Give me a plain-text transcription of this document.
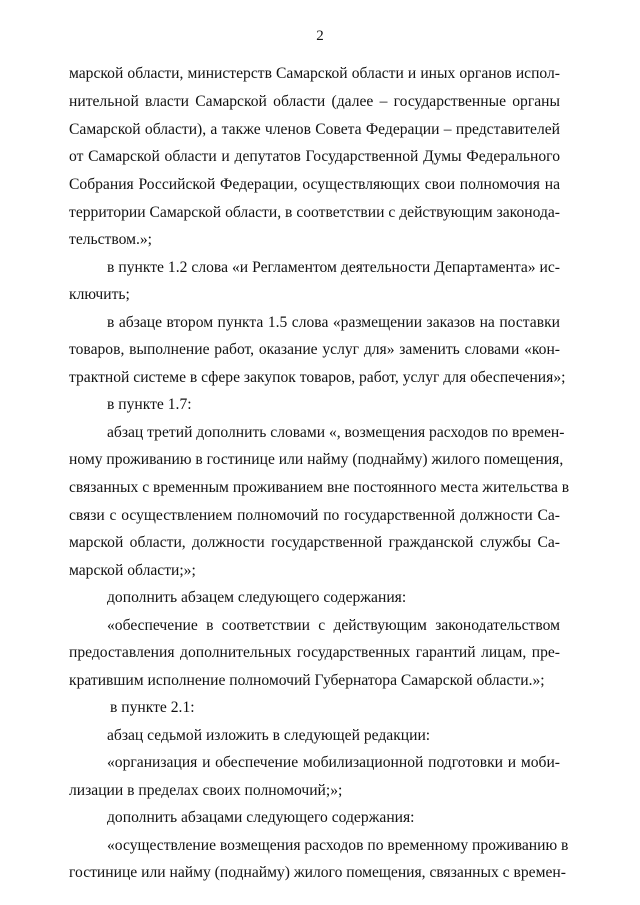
2
марской области, министерств Самарской области и иных органов испол-
нительной власти Самарской области (далее – государственные органы
Самарской области), а также членов Совета Федерации – представителей
от Самарской области и депутатов Государственной Думы Федерального
Собрания Российской Федерации, осуществляющих свои полномочия на
территории Самарской области, в соответствии с действующим законода-
тельством.»;
в пункте 1.2 слова «и Регламентом деятельности Департамента» ис-
ключить;
в абзаце втором пункта 1.5 слова «размещении заказов на поставки
товаров, выполнение работ, оказание услуг для» заменить словами «кон-
трактной системе в сфере закупок товаров, работ, услуг для обеспечения»;
в пункте 1.7:
абзац третий дополнить словами «, возмещения расходов по времен-
ному проживанию в гостинице или найму (поднайму) жилого помещения,
связанных с временным проживанием вне постоянного места жительства в
связи с осуществлением полномочий по государственной должности Са-
марской области, должности государственной гражданской службы Са-
марской области;»;
дополнить абзацем следующего содержания:
«обеспечение в соответствии с действующим законодательством
предоставления дополнительных государственных гарантий лицам, пре-
кратившим исполнение полномочий Губернатора Самарской области.»;
в пункте 2.1:
абзац седьмой изложить в следующей редакции:
«организация и обеспечение мобилизационной подготовки и моби-
лизации в пределах своих полномочий;»;
дополнить абзацами следующего содержания:
«осуществление возмещения расходов по временному проживанию в
гостинице или найму (поднайму) жилого помещения, связанных с времен-
